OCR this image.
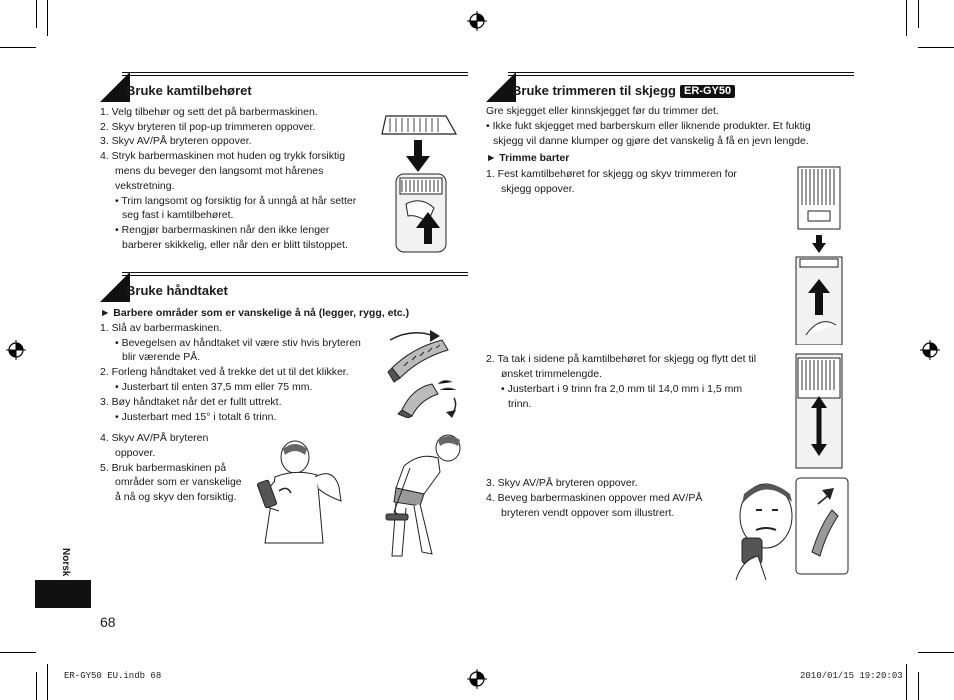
Bruke kamtilbehøret
1. Velg tilbehør og sett det på barbermaskinen.
2. Skyv bryteren til pop-up trimmeren oppover.
3. Skyv AV/PÅ bryteren oppover.
4. Stryk barbermaskinen mot huden og trykk forsiktig
mens du beveger den langsomt mot hårenes
vekstretning.
• Trim langsomt og forsiktig for å unngå at hår setter
seg fast i kamtilbehøret.
• Rengjør barbermaskinen når den ikke lenger
barberer skikkelig, eller når den er blitt tilstoppet.
Bruke håndtaket
► Barbere områder som er vanskelige å nå (legger, rygg, etc.)
1. Slå av barbermaskinen.
• Bevegelsen av håndtaket vil være stiv hvis bryteren
blir værende PÅ.
2. Forleng håndtaket ved å trekke det ut til det klikker.
• Justerbart til enten 37,5 mm eller 75 mm.
3. Bøy håndtaket når det er fullt uttrekt.
• Justerbart med 15° i totalt 6 trinn.
4. Skyv AV/PÅ bryteren
oppover.
5. Bruk barbermaskinen på
områder som er vanskelige
å nå og skyv den forsiktig.
Norsk
68
Bruke trimmeren til skjegg ER-GY50
Gre skjegget eller kinnskjegget før du trimmer det.
• Ikke fukt skjegget med barberskum eller liknende produkter. Et fuktig
skjegg vil danne klumper og gjøre det vanskelig å få en jevn lengde.
► Trimme barter
1. Fest kamtilbehøret for skjegg og skyv trimmeren for
skjegg oppover.
2. Ta tak i sidene på kamtilbehøret for skjegg og flytt det til
ønsket trimmelengde.
• Justerbart i 9 trinn fra 2,0 mm til 14,0 mm i 1,5 mm
trinn.
3. Skyv AV/PÅ bryteren oppover.
4. Beveg barbermaskinen oppover med AV/PÅ
bryteren vendt oppover som illustrert.
ER-GY50 EU.indb 68	2010/01/15 19:20:03
